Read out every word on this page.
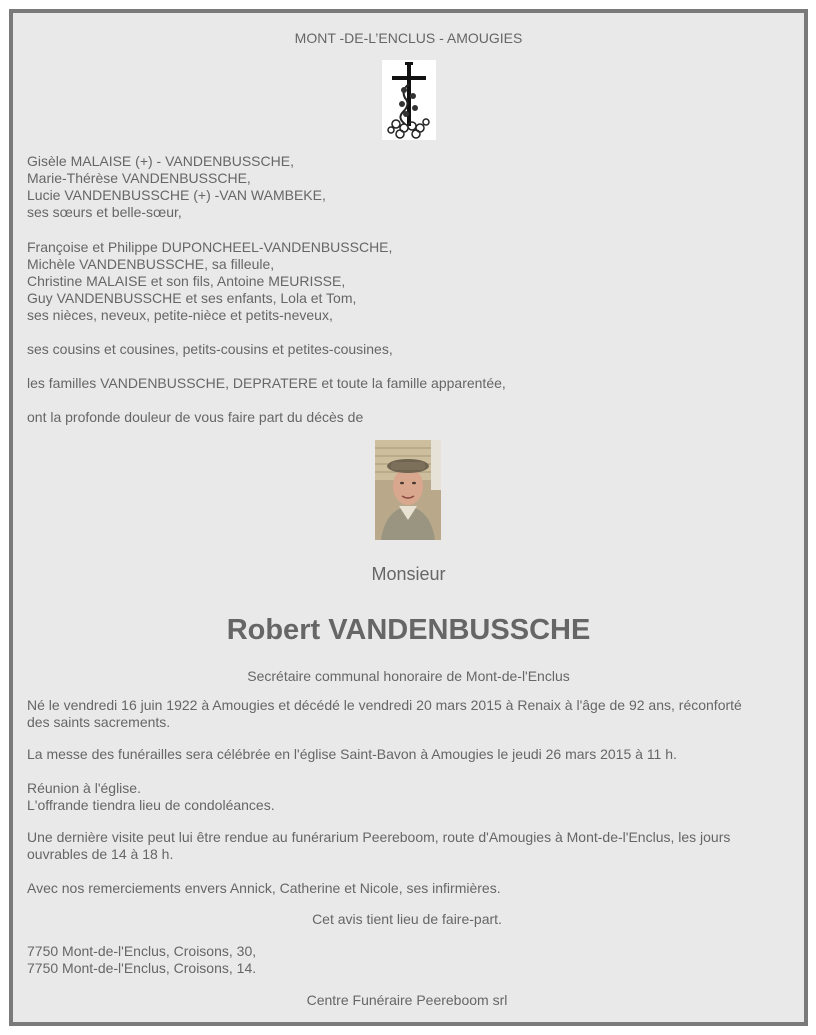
MONT -DE-L’ENCLUS - AMOUGIES
Gisèle MALAISE (+) - VANDENBUSSCHE,
Marie-Thérèse VANDENBUSSCHE,
Lucie VANDENBUSSCHE (+) -VAN WAMBEKE,
ses sœurs et belle-sœur,
Françoise et Philippe DUPONCHEEL-VANDENBUSSCHE,
Michèle VANDENBUSSCHE, sa filleule,
Christine MALAISE et son fils, Antoine MEURISSE,
Guy VANDENBUSSCHE et ses enfants, Lola et Tom,
ses nièces, neveux, petite-nièce et petits-neveux,
ses cousins et cousines, petits-cousins et petites-cousines,
les familles VANDENBUSSCHE, DEPRATERE et toute la famille apparentée,
ont la profonde douleur de vous faire part du décès de
Monsieur
Robert VANDENBUSSCHE
Secrétaire communal honoraire de Mont-de-l'Enclus
Né le vendredi 16 juin 1922 à Amougies et décédé le vendredi 20 mars 2015 à Renaix à l'âge de 92 ans, réconforté
des saints sacrements.
La messe des funérailles sera célébrée en l'église Saint-Bavon à Amougies le jeudi 26 mars 2015 à 11 h.
Réunion à l'église.
L'offrande tiendra lieu de condoléances.
Une dernière visite peut lui être rendue au funérarium Peereboom, route d'Amougies à Mont-de-l'Enclus, les jours
ouvrables de 14 à 18 h.
Avec nos remerciements envers Annick, Catherine et Nicole, ses infirmières.
Cet avis tient lieu de faire-part.
7750 Mont-de-l'Enclus, Croisons, 30,
7750 Mont-de-l'Enclus, Croisons, 14.
Centre Funéraire Peereboom srl
